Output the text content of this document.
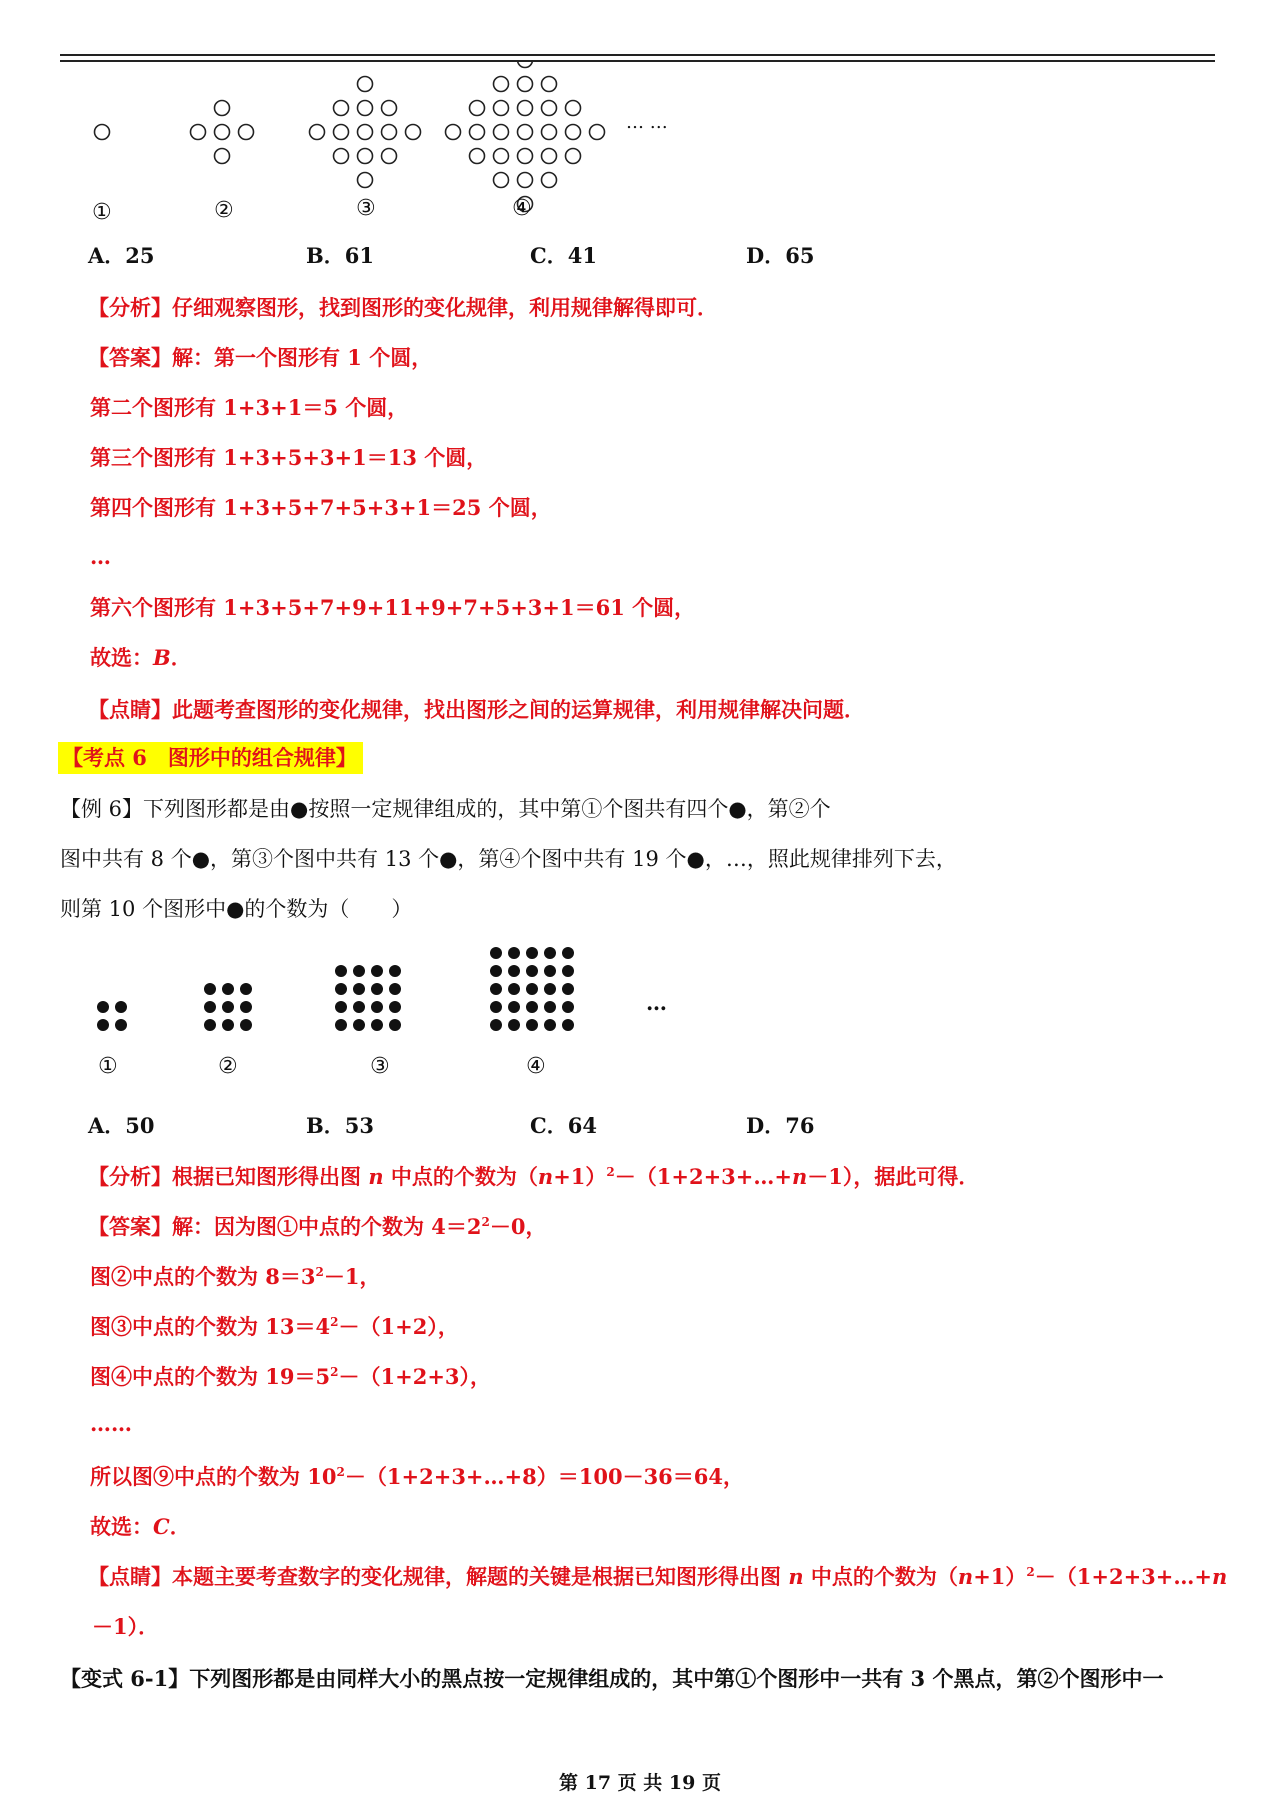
①	②	③	④
… …
A．25	B．61	C．41	D．65
【分析】仔细观察图形，找到图形的变化规律，利用规律解得即可．
【答案】解：第一个图形有 1 个圆，
第二个图形有 1+3+1＝5 个圆，
第三个图形有 1+3+5+3+1＝13 个圆，
第四个图形有 1+3+5+7+5+3+1＝25 个圆，
…
第六个图形有 1+3+5+7+9+11+9+7+5+3+1＝61 个圆，
故选：B．
【点睛】此题考查图形的变化规律，找出图形之间的运算规律，利用规律解决问题．
【考点 6　图形中的组合规律】
【例 6】下列图形都是由●按照一定规律组成的，其中第①个图共有四个●，第②个
图中共有 8 个●，第③个图中共有 13 个●，第④个图中共有 19 个●，…，照此规律排列下去，
则第 10 个图形中●的个数为（　　）
①	②	③	④
…
A．50	B．53	C．64	D．76
【分析】根据已知图形得出图 n 中点的个数为$(n+1)^2-(1+2+3+\dots+n-1)$，据此可得．
【答案】解：因为图①中点的个数为 $4=2^2-0$，
图②中点的个数为 $8=3^2-1$，
图③中点的个数为 $13=4^2-(1+2)$，
图④中点的个数为 $19=5^2-(1+2+3)$，
……
所以图⑨中点的个数为 $10^2-(1+2+3+\dots+8)=100-36=64$，
故选：C．
【点睛】本题主要考查数字的变化规律，解题的关键是根据已知图形得出图 n 中点的个数为$(n+1)^2-(1+2+3+\dots+n$
－1）．
【变式 6-1】下列图形都是由同样大小的黑点按一定规律组成的，其中第①个图形中一共有 3 个黑点，第②个图形中一
第 17 页 共 19 页
